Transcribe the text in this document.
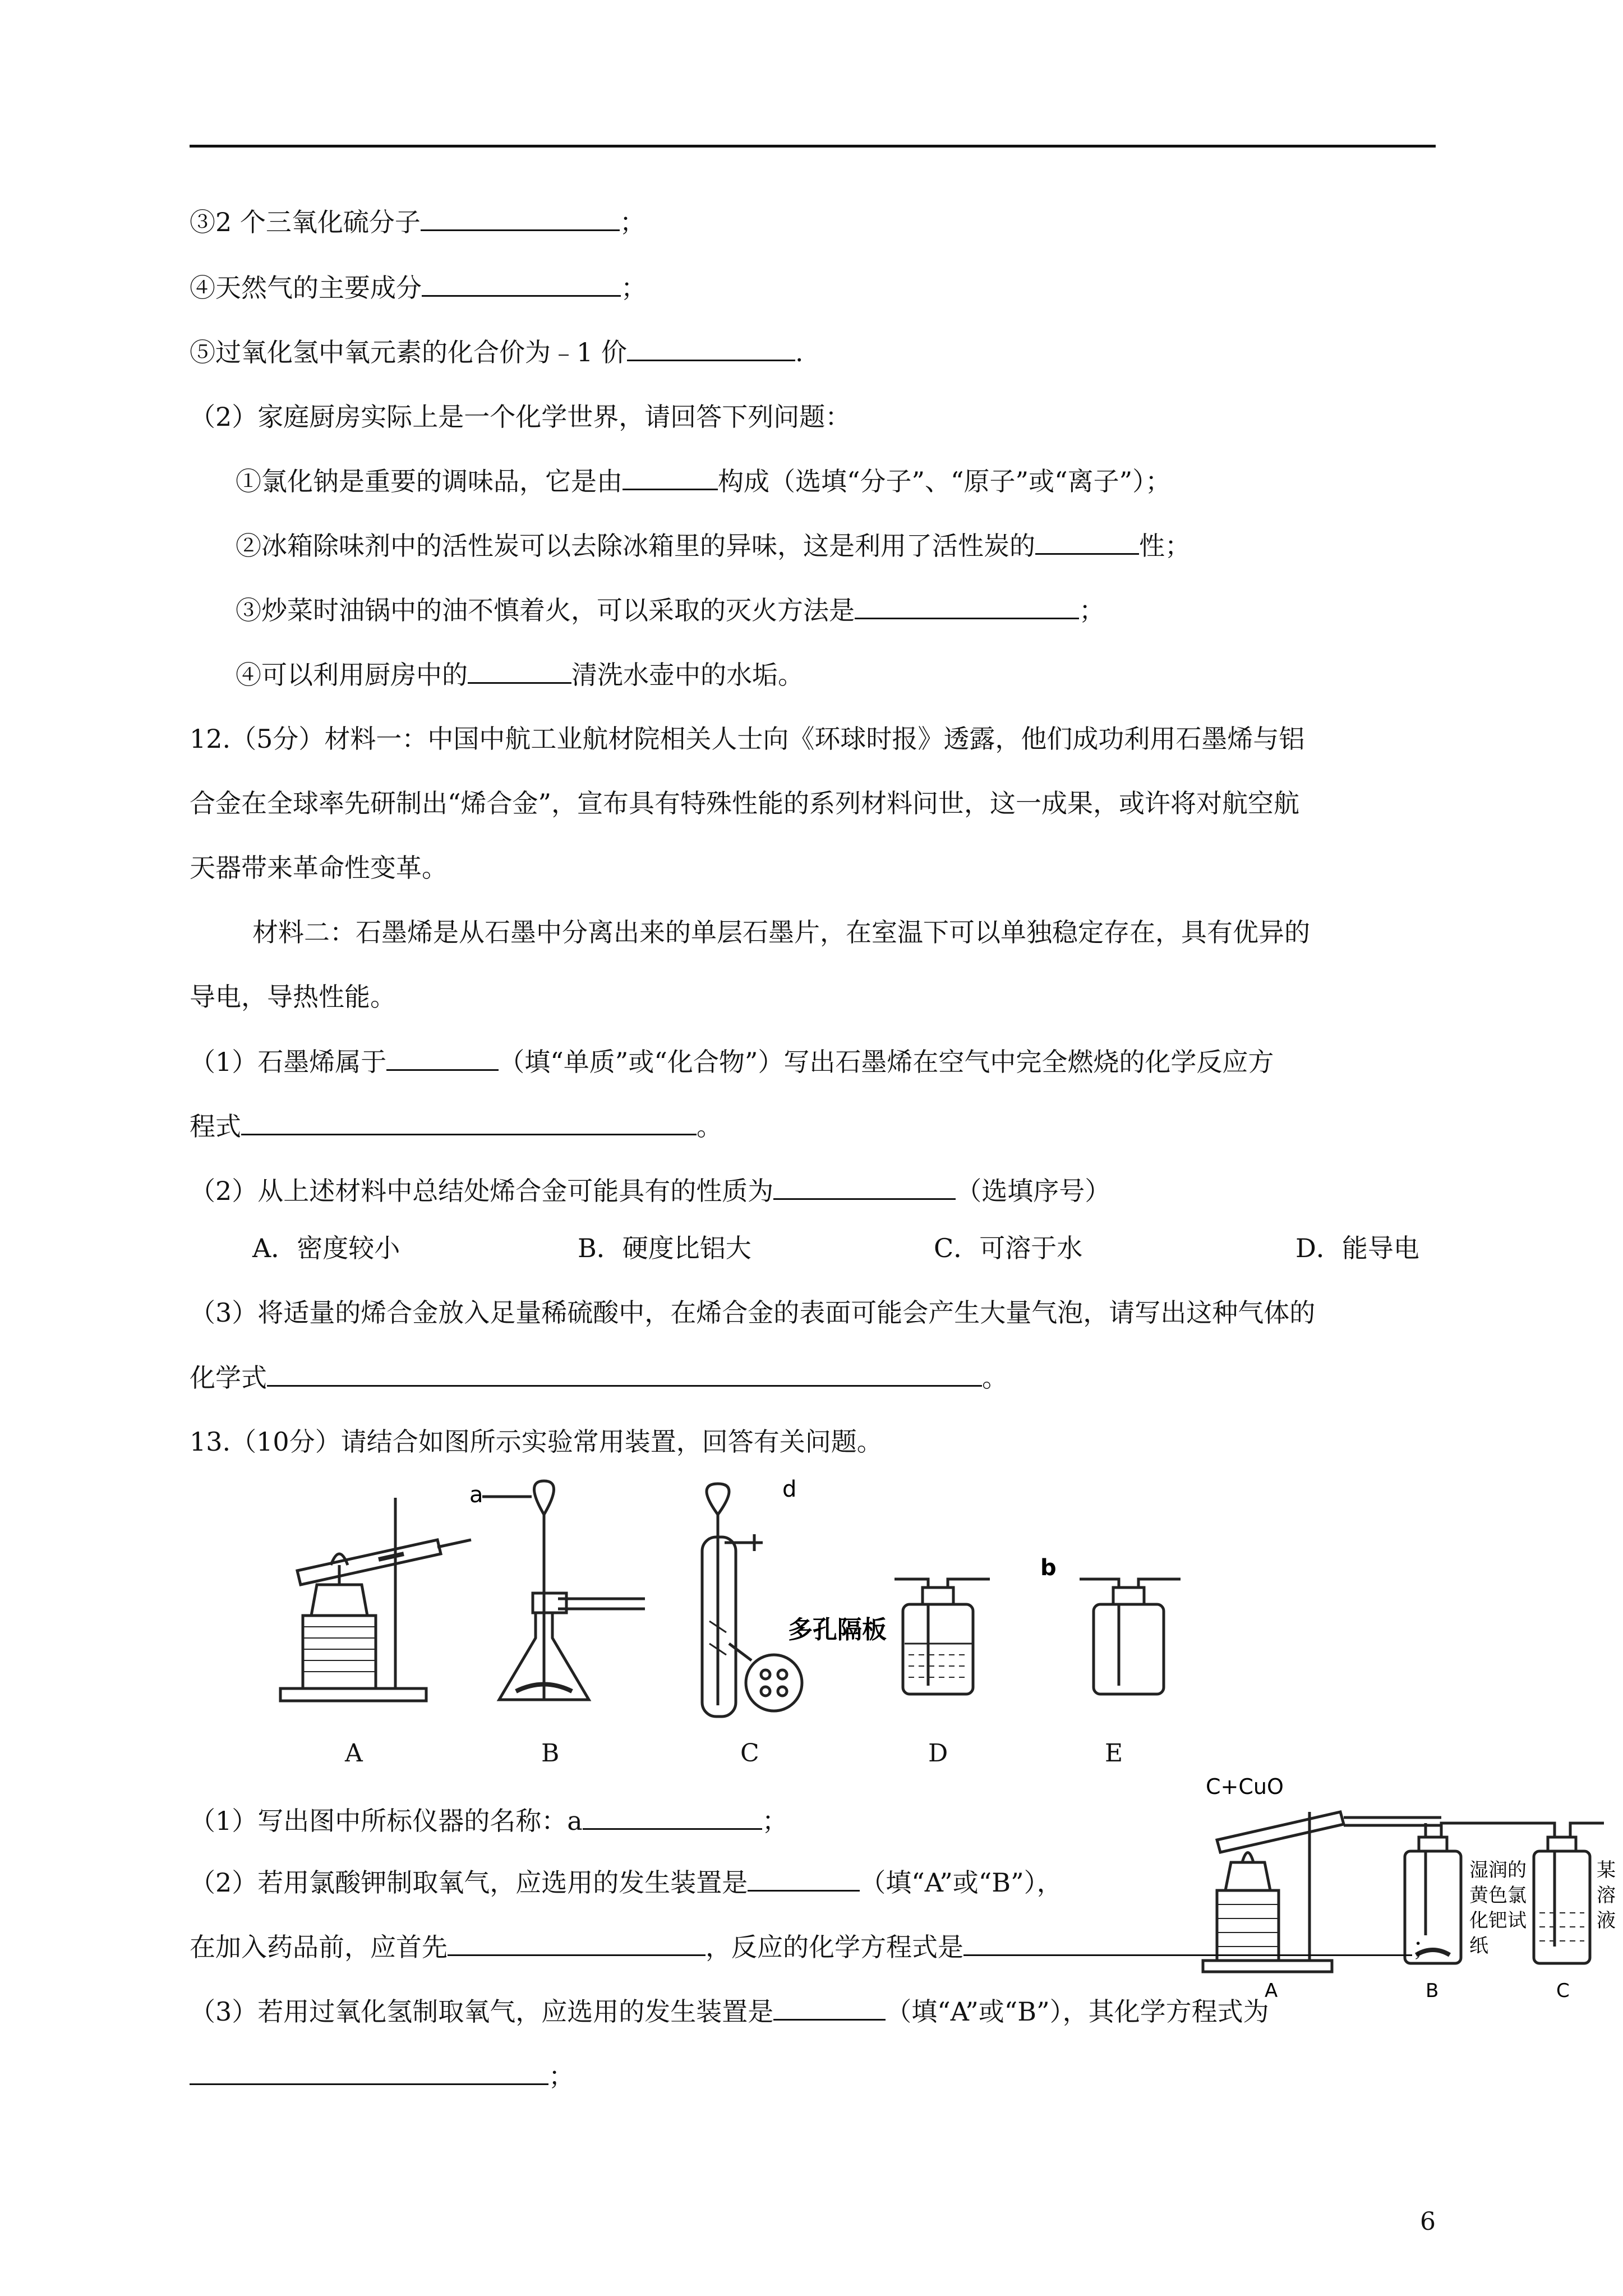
③2 个三氧化硫分子	；
④天然气的主要成分	；
⑤过氧化氢中氧元素的化合价为﹣1 价	.
（2）家庭厨房实际上是一个化学世界，请回答下列问题：
①氯化钠是重要的调味品，它是由	构成（选填“分子”、“原子”或“离子”）；
②冰箱除味剂中的活性炭可以去除冰箱里的异味，这是利用了活性炭的	性；
③炒菜时油锅中的油不慎着火，可以采取的灭火方法是	；
④可以利用厨房中的	清洗水壶中的水垢。
12.（5分）材料一：中国中航工业航材院相关人士向《环球时报》透露，他们成功利用石墨烯与铝
合金在全球率先研制出“烯合金”，宣布具有特殊性能的系列材料问世，这一成果，或许将对航空航
天器带来革命性变革。
材料二：石墨烯是从石墨中分离出来的单层石墨片，在室温下可以单独稳定存在，具有优异的
导电，导热性能。
（1）石墨烯属于	（填“单质”或“化合物”）写出石墨烯在空气中完全燃烧的化学反应方
程式	。
（2）从上述材料中总结处烯合金可能具有的性质为	（选填序号）
A．密度较小	B．硬度比铝大	C．可溶于水	D．能导电
（3）将适量的烯合金放入足量稀硫酸中，在烯合金的表面可能会产生大量气泡，请写出这种气体的
化学式	。
13.（10分）请结合如图所示实验常用装置，回答有关问题。
a	d
b
多孔隔板
A	B	C	D	E
C+CuO
湿润的 黄色氯 化钯试 纸
某 溶 液
A	B	C
（1）写出图中所标仪器的名称：a	；
（2）若用氯酸钾制取氧气，应选用的发生装置是	（填“A”或“B”），
在加入药品前，应首先	，反应的化学方程式是	；
（3）若用过氧化氢制取氧气，应选用的发生装置是	（填“A”或“B”），其化学方程式为
；
6
